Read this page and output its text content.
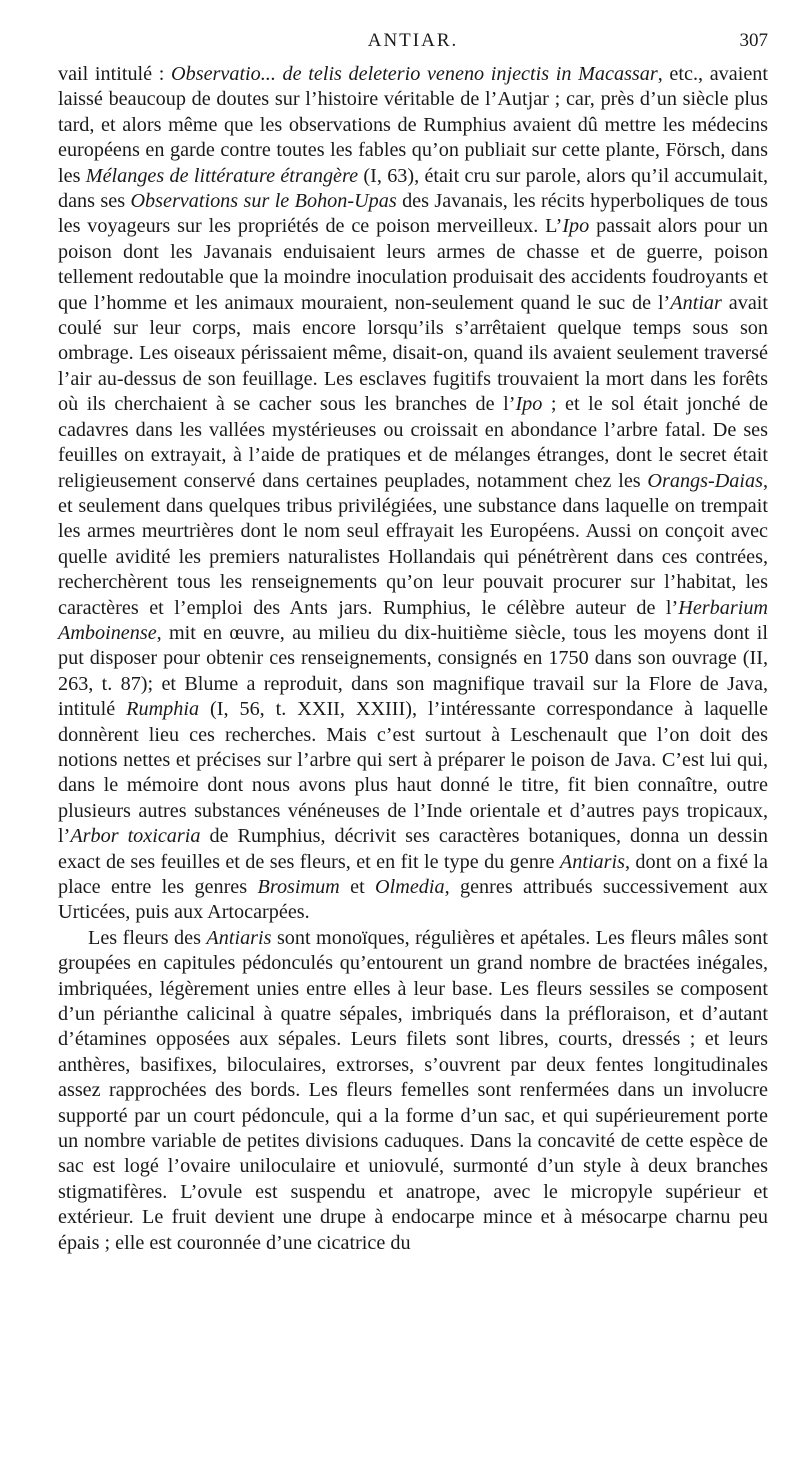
ANTIAR.	307

vail intitulé : Observatio... de telis deleterio veneno injectis in Macassar, etc., avaient laissé beaucoup de doutes sur l’histoire véritable de l’Autjar ; car, près d’un siècle plus tard, et alors même que les observations de Rumphius avaient dû mettre les médecins européens en garde contre toutes les fables qu’on publiait sur cette plante, Försch, dans les Mélanges de littérature étrangère (I, 63), était cru sur parole, alors qu’il accumulait, dans ses Observations sur le Bohon-Upas des Javanais, les récits hyperboliques de tous les voyageurs sur les propriétés de ce poison merveilleux. L’Ipo passait alors pour un poison dont les Javanais enduisaient leurs armes de chasse et de guerre, poison tellement redoutable que la moindre inoculation produisait des accidents foudroyants et que l’homme et les animaux mouraient, non-seulement quand le suc de l’Antiar avait coulé sur leur corps, mais encore lorsqu’ils s’arrêtaient quelque temps sous son ombrage. Les oiseaux périssaient même, disait-on, quand ils avaient seulement traversé l’air au-dessus de son feuillage. Les esclaves fugitifs trouvaient la mort dans les forêts où ils cherchaient à se cacher sous les branches de l’Ipo ; et le sol était jonché de cadavres dans les vallées mystérieuses ou croissait en abondance l’arbre fatal. De ses feuilles on extrayait, à l’aide de pratiques et de mélanges étranges, dont le secret était religieusement conservé dans certaines peuplades, notamment chez les Orangs-Daias, et seulement dans quelques tribus privilégiées, une substance dans laquelle on trempait les armes meurtrières dont le nom seul effrayait les Européens. Aussi on conçoit avec quelle avidité les premiers naturalistes Hollandais qui pénétrèrent dans ces contrées, recherchèrent tous les renseignements qu’on leur pouvait procurer sur l’habitat, les caractères et l’emploi des Ants jars. Rumphius, le célèbre auteur de l’Herbarium Amboinense, mit en œuvre, au milieu du dix-huitième siècle, tous les moyens dont il put disposer pour obtenir ces renseignements, consignés en 1750 dans son ouvrage (II, 263, t. 87); et Blume a reproduit, dans son magnifique travail sur la Flore de Java, intitulé Rumphia (I, 56, t. XXII, XXIII), l’intéressante correspondance à laquelle donnèrent lieu ces recherches. Mais c’est surtout à Leschenault que l’on doit des notions nettes et précises sur l’arbre qui sert à préparer le poison de Java. C’est lui qui, dans le mémoire dont nous avons plus haut donné le titre, fit bien connaître, outre plusieurs autres substances vénéneuses de l’Inde orientale et d’autres pays tropicaux, l’Arbor toxicaria de Rumphius, décrivit ses caractères botaniques, donna un dessin exact de ses feuilles et de ses fleurs, et en fit le type du genre Antiaris, dont on a fixé la place entre les genres Brosimum et Olmedia, genres attribués successivement aux Urticées, puis aux Artocarpées.

Les fleurs des Antiaris sont monoïques, régulières et apétales. Les fleurs mâles sont groupées en capitules pédonculés qu’entourent un grand nombre de bractées inégales, imbriquées, légèrement unies entre elles à leur base. Les fleurs sessiles se composent d’un périanthe calicinal à quatre sépales, imbriqués dans la préfloraison, et d’autant d’étamines opposées aux sépales. Leurs filets sont libres, courts, dressés ; et leurs anthères, basifixes, biloculaires, extrorses, s’ouvrent par deux fentes longitudinales assez rapprochées des bords. Les fleurs femelles sont renfermées dans un involucre supporté par un court pédoncule, qui a la forme d’un sac, et qui supérieurement porte un nombre variable de petites divisions caduques. Dans la concavité de cette espèce de sac est logé l’ovaire uniloculaire et uniovulé, surmonté d’un style à deux branches stigmatifères. L’ovule est suspendu et anatrope, avec le micropyle supérieur et extérieur. Le fruit devient une drupe à endocarpe mince et à mésocarpe charnu peu épais ; elle est couronnée d’une cicatrice du
